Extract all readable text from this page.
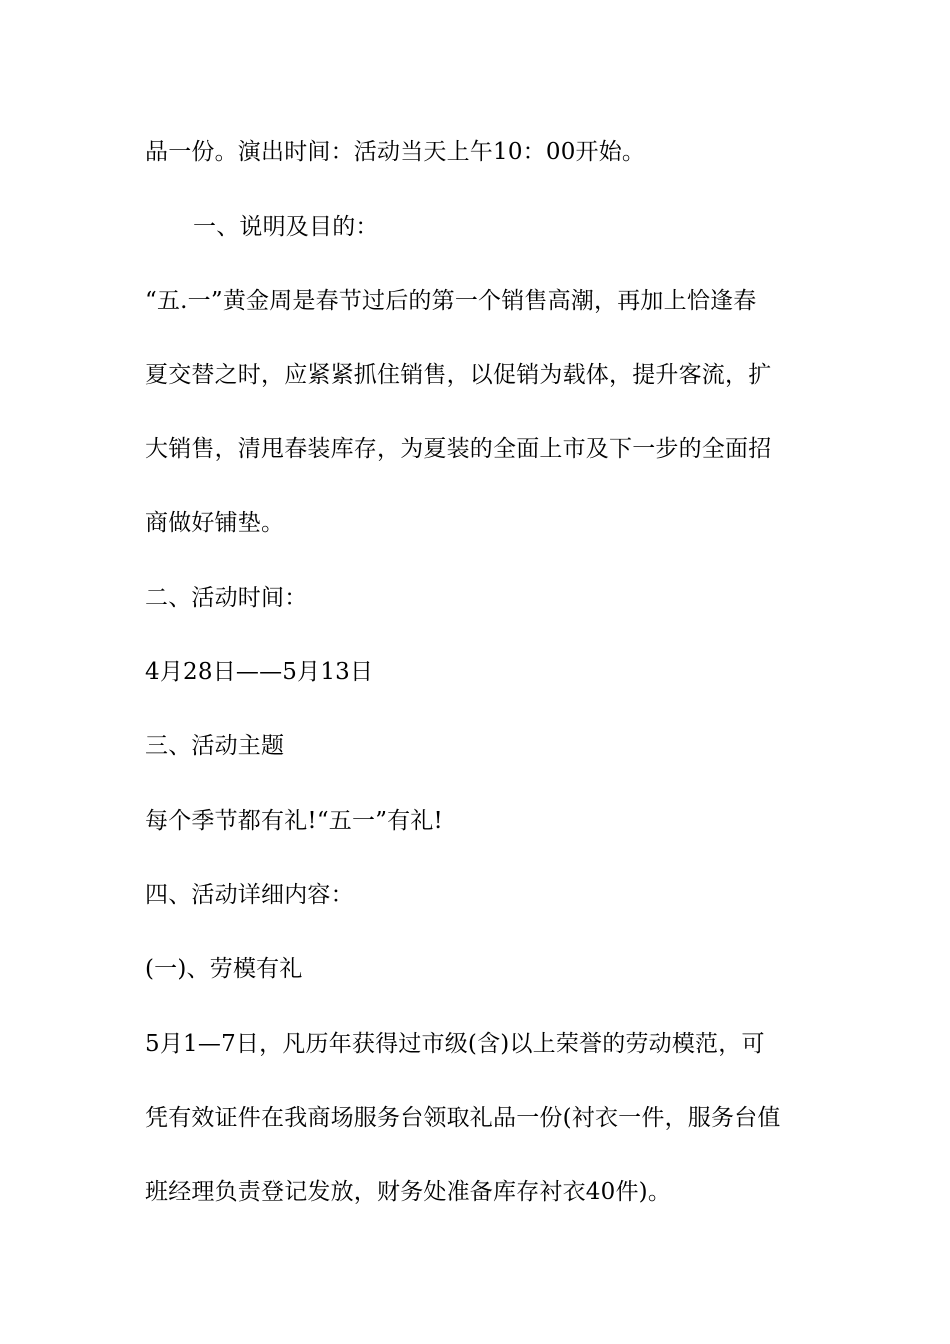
品一份。演出时间：活动当天上午10：00开始。
一、说明及目的：
“五.一”黄金周是春节过后的第一个销售高潮，再加上恰逢春
夏交替之时，应紧紧抓住销售，以促销为载体，提升客流，扩
大销售，清甩春装库存，为夏装的全面上市及下一步的全面招
商做好铺垫。
二、活动时间：
4月28日——5月13日
三、活动主题
每个季节都有礼!“五一”有礼!
四、活动详细内容：
(一)、劳模有礼
5月1—7日，凡历年获得过市级(含)以上荣誉的劳动模范，可
凭有效证件在我商场服务台领取礼品一份(衬衣一件，服务台值
班经理负责登记发放，财务处准备库存衬衣40件)。
